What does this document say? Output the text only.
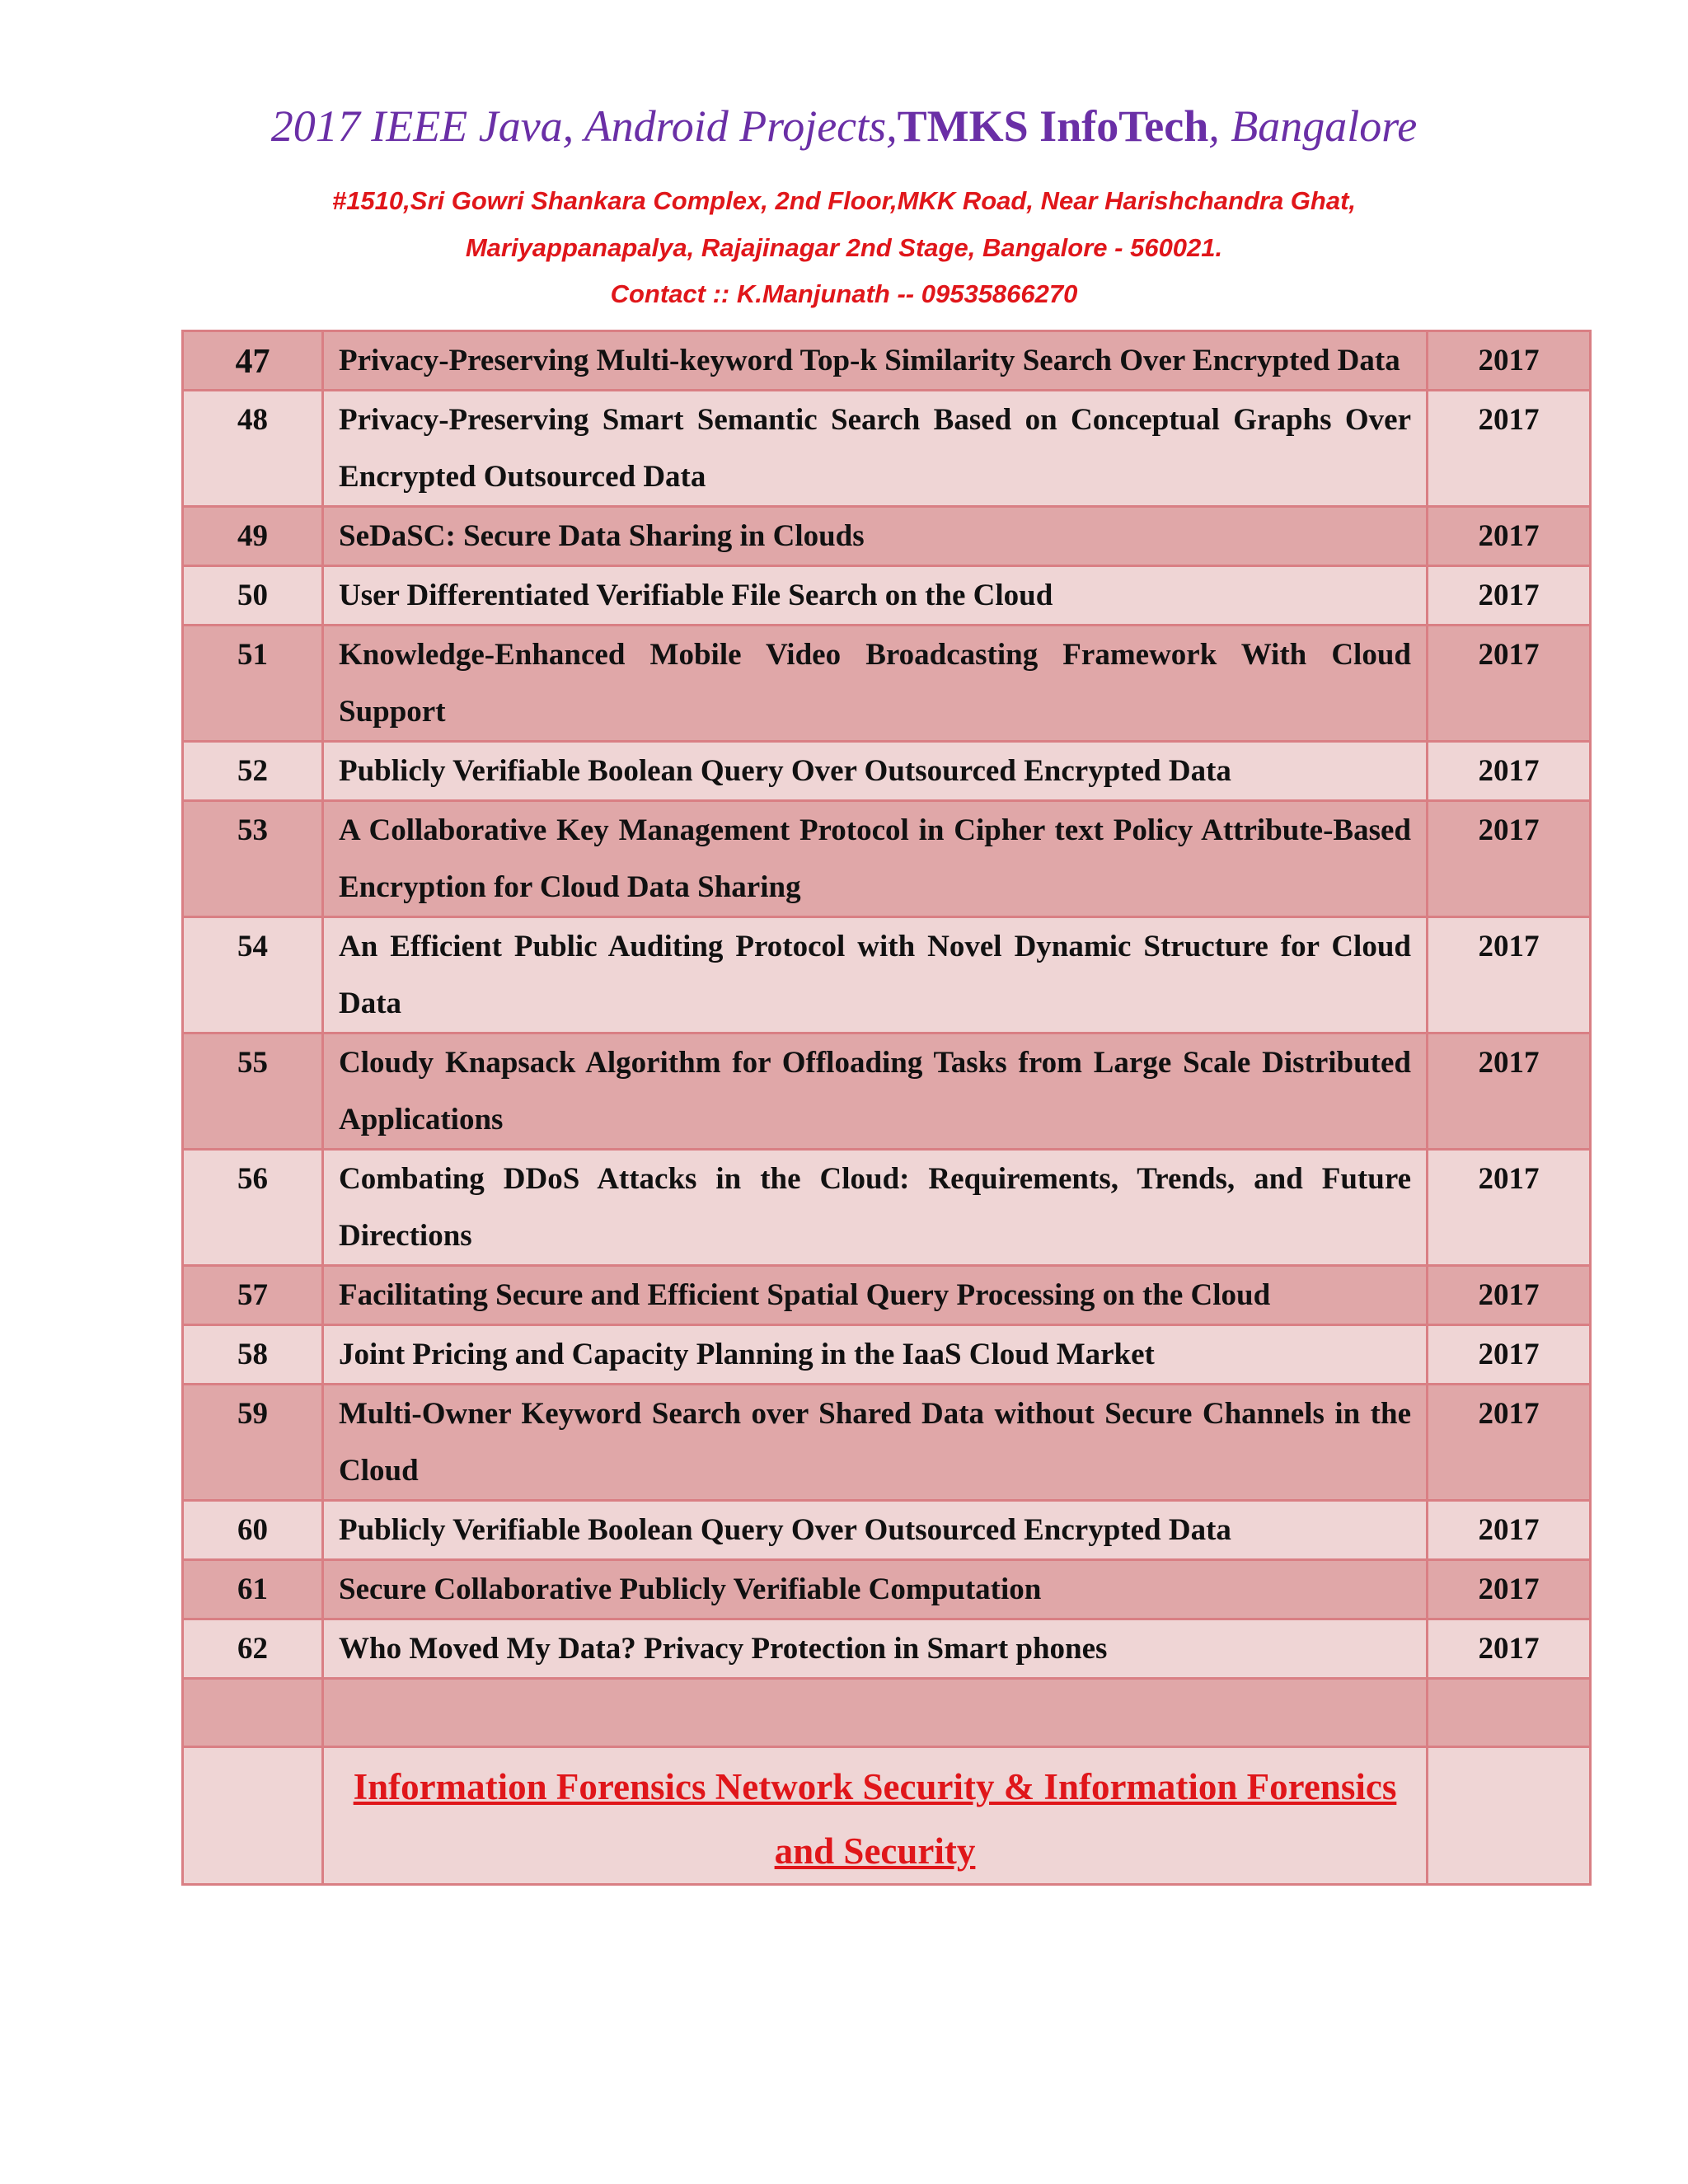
2017 IEEE Java, Android Projects,TMKS InfoTech, Bangalore
#1510,Sri Gowri Shankara Complex, 2nd Floor,MKK Road, Near Harishchandra Ghat,
Mariyappanapalya, Rajajinagar 2nd Stage, Bangalore - 560021.
Contact :: K.Manjunath -- 09535866270
47	Privacy-Preserving Multi-keyword Top-k Similarity Search Over Encrypted Data	2017
48	Privacy-Preserving Smart Semantic Search Based on Conceptual Graphs Over Encrypted Outsourced Data	2017
49	SeDaSC: Secure Data Sharing in Clouds	2017
50	User Differentiated Verifiable File Search on the Cloud	2017
51	Knowledge-Enhanced Mobile Video Broadcasting Framework With Cloud Support	2017
52	Publicly Verifiable Boolean Query Over Outsourced Encrypted Data	2017
53	A Collaborative Key Management Protocol in Cipher text Policy Attribute-Based Encryption for Cloud Data Sharing	2017
54	An Efficient Public Auditing Protocol with Novel Dynamic Structure for Cloud Data	2017
55	Cloudy Knapsack Algorithm for Offloading Tasks from Large Scale Distributed Applications	2017
56	Combating DDoS Attacks in the Cloud: Requirements, Trends, and Future Directions	2017
57	Facilitating Secure and Efficient Spatial Query Processing on the Cloud	2017
58	Joint Pricing and Capacity Planning in the IaaS Cloud Market	2017
59	Multi-Owner Keyword Search over Shared Data without Secure Channels in the Cloud	2017
60	Publicly Verifiable Boolean Query Over Outsourced Encrypted Data	2017
61	Secure Collaborative Publicly Verifiable Computation	2017
62	Who Moved My Data? Privacy Protection in Smart phones	2017

	Information Forensics Network Security & Information Forensics and Security	
